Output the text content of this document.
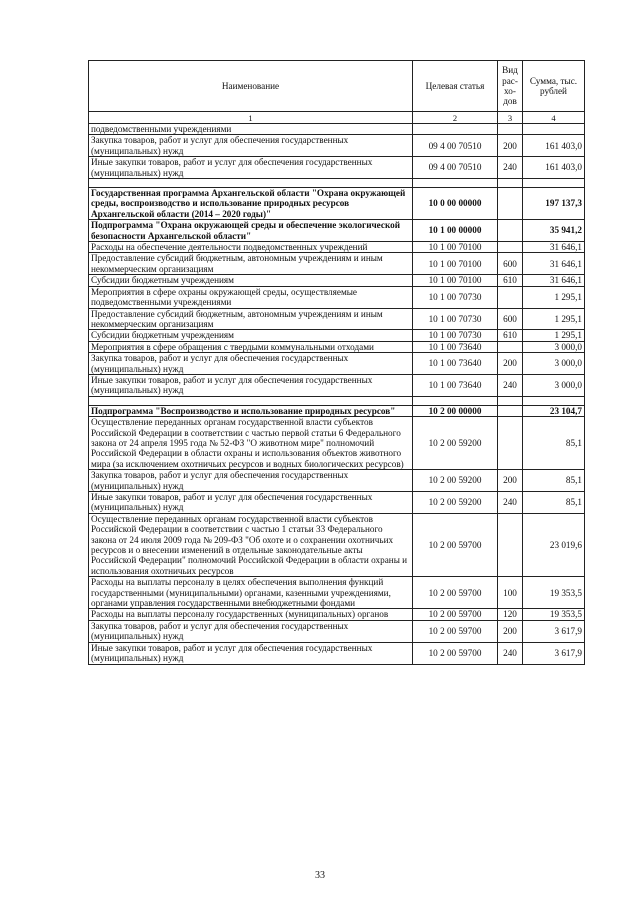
Наименование	Целевая статья	Вид рас-хо-дов	Сумма, тыс. рублей
1	2	3	4
подведомственными учреждениями			
Закупка товаров, работ и услуг для обеспечения государственных (муниципальных) нужд	09 4 00 70510	200	161 403,0
Иные закупки товаров, работ и услуг для обеспечения государственных (муниципальных) нужд	09 4 00 70510	240	161 403,0

Государственная программа Архангельской области "Охрана окружающей среды, воспроизводство и использование природных ресурсов Архангельской области (2014 – 2020 годы)"	10 0 00 00000		197 137,3
Подпрограмма "Охрана окружающей среды и обеспечение экологической безопасности Архангельской области"	10 1 00 00000		35 941,2
Расходы на обеспечение деятельности подведомственных учреждений	10 1 00 70100		31 646,1
Предоставление субсидий бюджетным, автономным учреждениям и иным некоммерческим организациям	10 1 00 70100	600	31 646,1
Субсидии бюджетным учреждениям	10 1 00 70100	610	31 646,1
Мероприятия в сфере охраны окружающей среды, осуществляемые подведомственными учреждениями	10 1 00 70730		1 295,1
Предоставление субсидий бюджетным, автономным учреждениям и иным некоммерческим организациям	10 1 00 70730	600	1 295,1
Субсидии бюджетным учреждениям	10 1 00 70730	610	1 295,1
Мероприятия в сфере обращения с твердыми коммунальными отходами	10 1 00 73640		3 000,0
Закупка товаров, работ и услуг для обеспечения государственных (муниципальных) нужд	10 1 00 73640	200	3 000,0
Иные закупки товаров, работ и услуг для обеспечения государственных (муниципальных) нужд	10 1 00 73640	240	3 000,0

Подпрограмма "Воспроизводство и использование природных ресурсов"	10 2 00 00000		23 104,7
Осуществление переданных органам государственной власти субъектов Российской Федерации в соответствии с частью первой статьи 6 Федерального закона от 24 апреля 1995 года № 52-ФЗ "О животном мире" полномочий Российской Федерации в области охраны и использования объектов животного мира (за исключением охотничьих ресурсов и водных биологических ресурсов)	10 2 00 59200		85,1
Закупка товаров, работ и услуг для обеспечения государственных (муниципальных) нужд	10 2 00 59200	200	85,1
Иные закупки товаров, работ и услуг для обеспечения государственных (муниципальных) нужд	10 2 00 59200	240	85,1
Осуществление переданных органам государственной власти субъектов Российской Федерации в соответствии с частью 1 статьи 33 Федерального закона от 24 июля 2009 года № 209-ФЗ "Об охоте и о сохранении охотничьих ресурсов и о внесении изменений в отдельные законодательные акты Российской Федерации" полномочий Российской Федерации в области охраны и использования охотничьих ресурсов	10 2 00 59700		23 019,6
Расходы на выплаты персоналу в целях обеспечения выполнения функций государственными (муниципальными) органами, казенными учреждениями, органами управления государственными внебюджетными фондами	10 2 00 59700	100	19 353,5
Расходы на выплаты персоналу государственных (муниципальных) органов	10 2 00 59700	120	19 353,5
Закупка товаров, работ и услуг для обеспечения государственных (муниципальных) нужд	10 2 00 59700	200	3 617,9
Иные закупки товаров, работ и услуг для обеспечения государственных (муниципальных) нужд	10 2 00 59700	240	3 617,9
33
